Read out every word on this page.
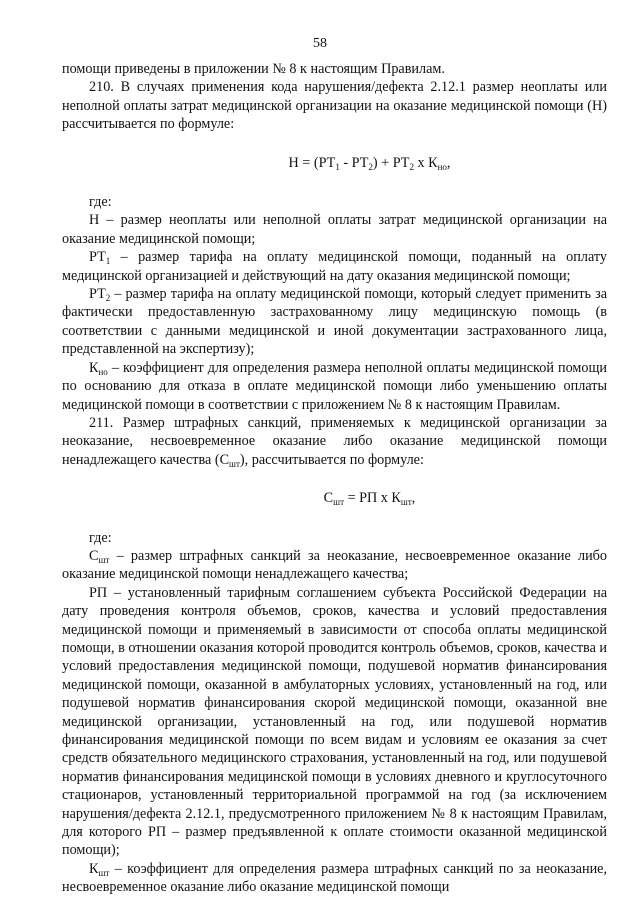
58

помощи приведены в приложении № 8 к настоящим Правилам.

210. В случаях применения кода нарушения/дефекта 2.12.1 размер неоплаты или неполной оплаты затрат медицинской организации на оказание медицинской помощи (Н) рассчитывается по формуле:

$Н = (РТ_1 - РТ_2) + РТ_2$ х $К_{но}$,

где:

Н – размер неоплаты или неполной оплаты затрат медицинской организации на оказание медицинской помощи;

$РТ_1$ – размер тарифа на оплату медицинской помощи, поданный на оплату медицинской организацией и действующий на дату оказания медицинской помощи;

$РТ_2$ – размер тарифа на оплату медицинской помощи, который следует применить за фактически предоставленную застрахованному лицу медицинскую помощь (в соответствии с данными медицинской и иной документации застрахованного лица, представленной на экспертизу);

$К_{но}$ – коэффициент для определения размера неполной оплаты медицинской помощи по основанию для отказа в оплате медицинской помощи либо уменьшению оплаты медицинской помощи в соответствии с приложением № 8 к настоящим Правилам.

211. Размер штрафных санкций, применяемых к медицинской организации за неоказание, несвоевременное оказание либо оказание медицинской помощи ненадлежащего качества $(С_{шт})$, рассчитывается по формуле:

$С_{шт}$ = РП х $К_{шт}$,

где:

$С_{шт}$ – размер штрафных санкций за неоказание, несвоевременное оказание либо оказание медицинской помощи ненадлежащего качества;

РП – установленный тарифным соглашением субъекта Российской Федерации на дату проведения контроля объемов, сроков, качества и условий предоставления медицинской помощи и применяемый в зависимости от способа оплаты медицинской помощи, в отношении оказания которой проводится контроль объемов, сроков, качества и условий предоставления медицинской помощи, подушевой норматив финансирования медицинской помощи, оказанной в амбулаторных условиях, установленный на год, или подушевой норматив финансирования скорой медицинской помощи, оказанной вне медицинской организации, установленный на год, или подушевой норматив финансирования медицинской помощи по всем видам и условиям ее оказания за счет средств обязательного медицинского страхования, установленный на год, или подушевой норматив финансирования медицинской помощи в условиях дневного и круглосуточного стационаров, установленный территориальной программой на год (за исключением нарушения/дефекта 2.12.1, предусмотренного приложением № 8 к настоящим Правилам, для которого РП – размер предъявленной к оплате стоимости оказанной медицинской помощи);

$К_{шт}$ – коэффициент для определения размера штрафных санкций по за неоказание, несвоевременное оказание либо оказание медицинской помощи
